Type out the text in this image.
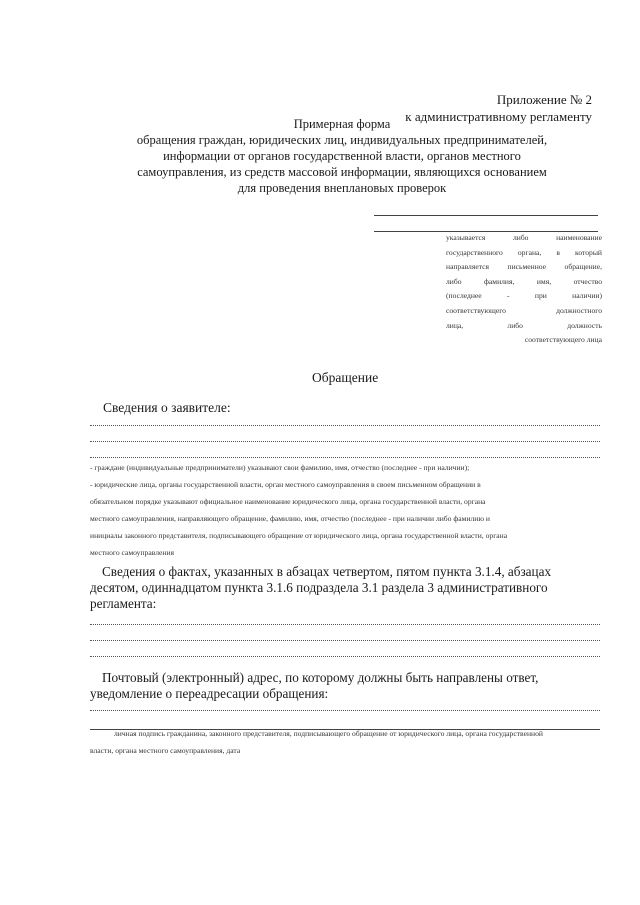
Приложение № 2
к административному регламенту
Примерная форма
обращения граждан, юридических лиц, индивидуальных предпринимателей,
информации от органов государственной власти, органов местного
самоуправления, из средств массовой информации, являющихся основанием
для проведения внеплановых проверок
указывается либо наименование
государственного органа, в который
направляется письменное обращение,
либо фамилия, имя, отчество
(последнее - при наличии)
соответствующего должностного
лица, либо должность
соответствующего лица
Обращение
Сведения о заявителе:
- граждане (индивидуальные предприниматели) указывают свои фамилию, имя, отчество (последнее - при наличии);
- юридические лица, органы государственной власти, орган местного самоуправления в своем письменном обращении в
обязательном порядке указывают официальное наименование юридического лица, органа государственной власти, органа
местного самоуправления, направляющего обращение, фамилию, имя, отчество (последнее - при наличии либо фамилию и
инициалы законного представителя, подписывающего обращение от юридического лица, органа государственной власти, органа
местного самоуправления
Сведения о фактах, указанных в абзацах четвертом, пятом пункта 3.1.4, абзацах
десятом, одиннадцатом пункта 3.1.6 подраздела 3.1 раздела 3 административного
регламента:
Почтовый (электронный) адрес, по которому должны быть направлены ответ,
уведомление о переадресации обращения:
личная подпись гражданина, законного представителя, подписывающего обращение от юридического лица, органа государственной
власти, органа местного самоуправления, дата
